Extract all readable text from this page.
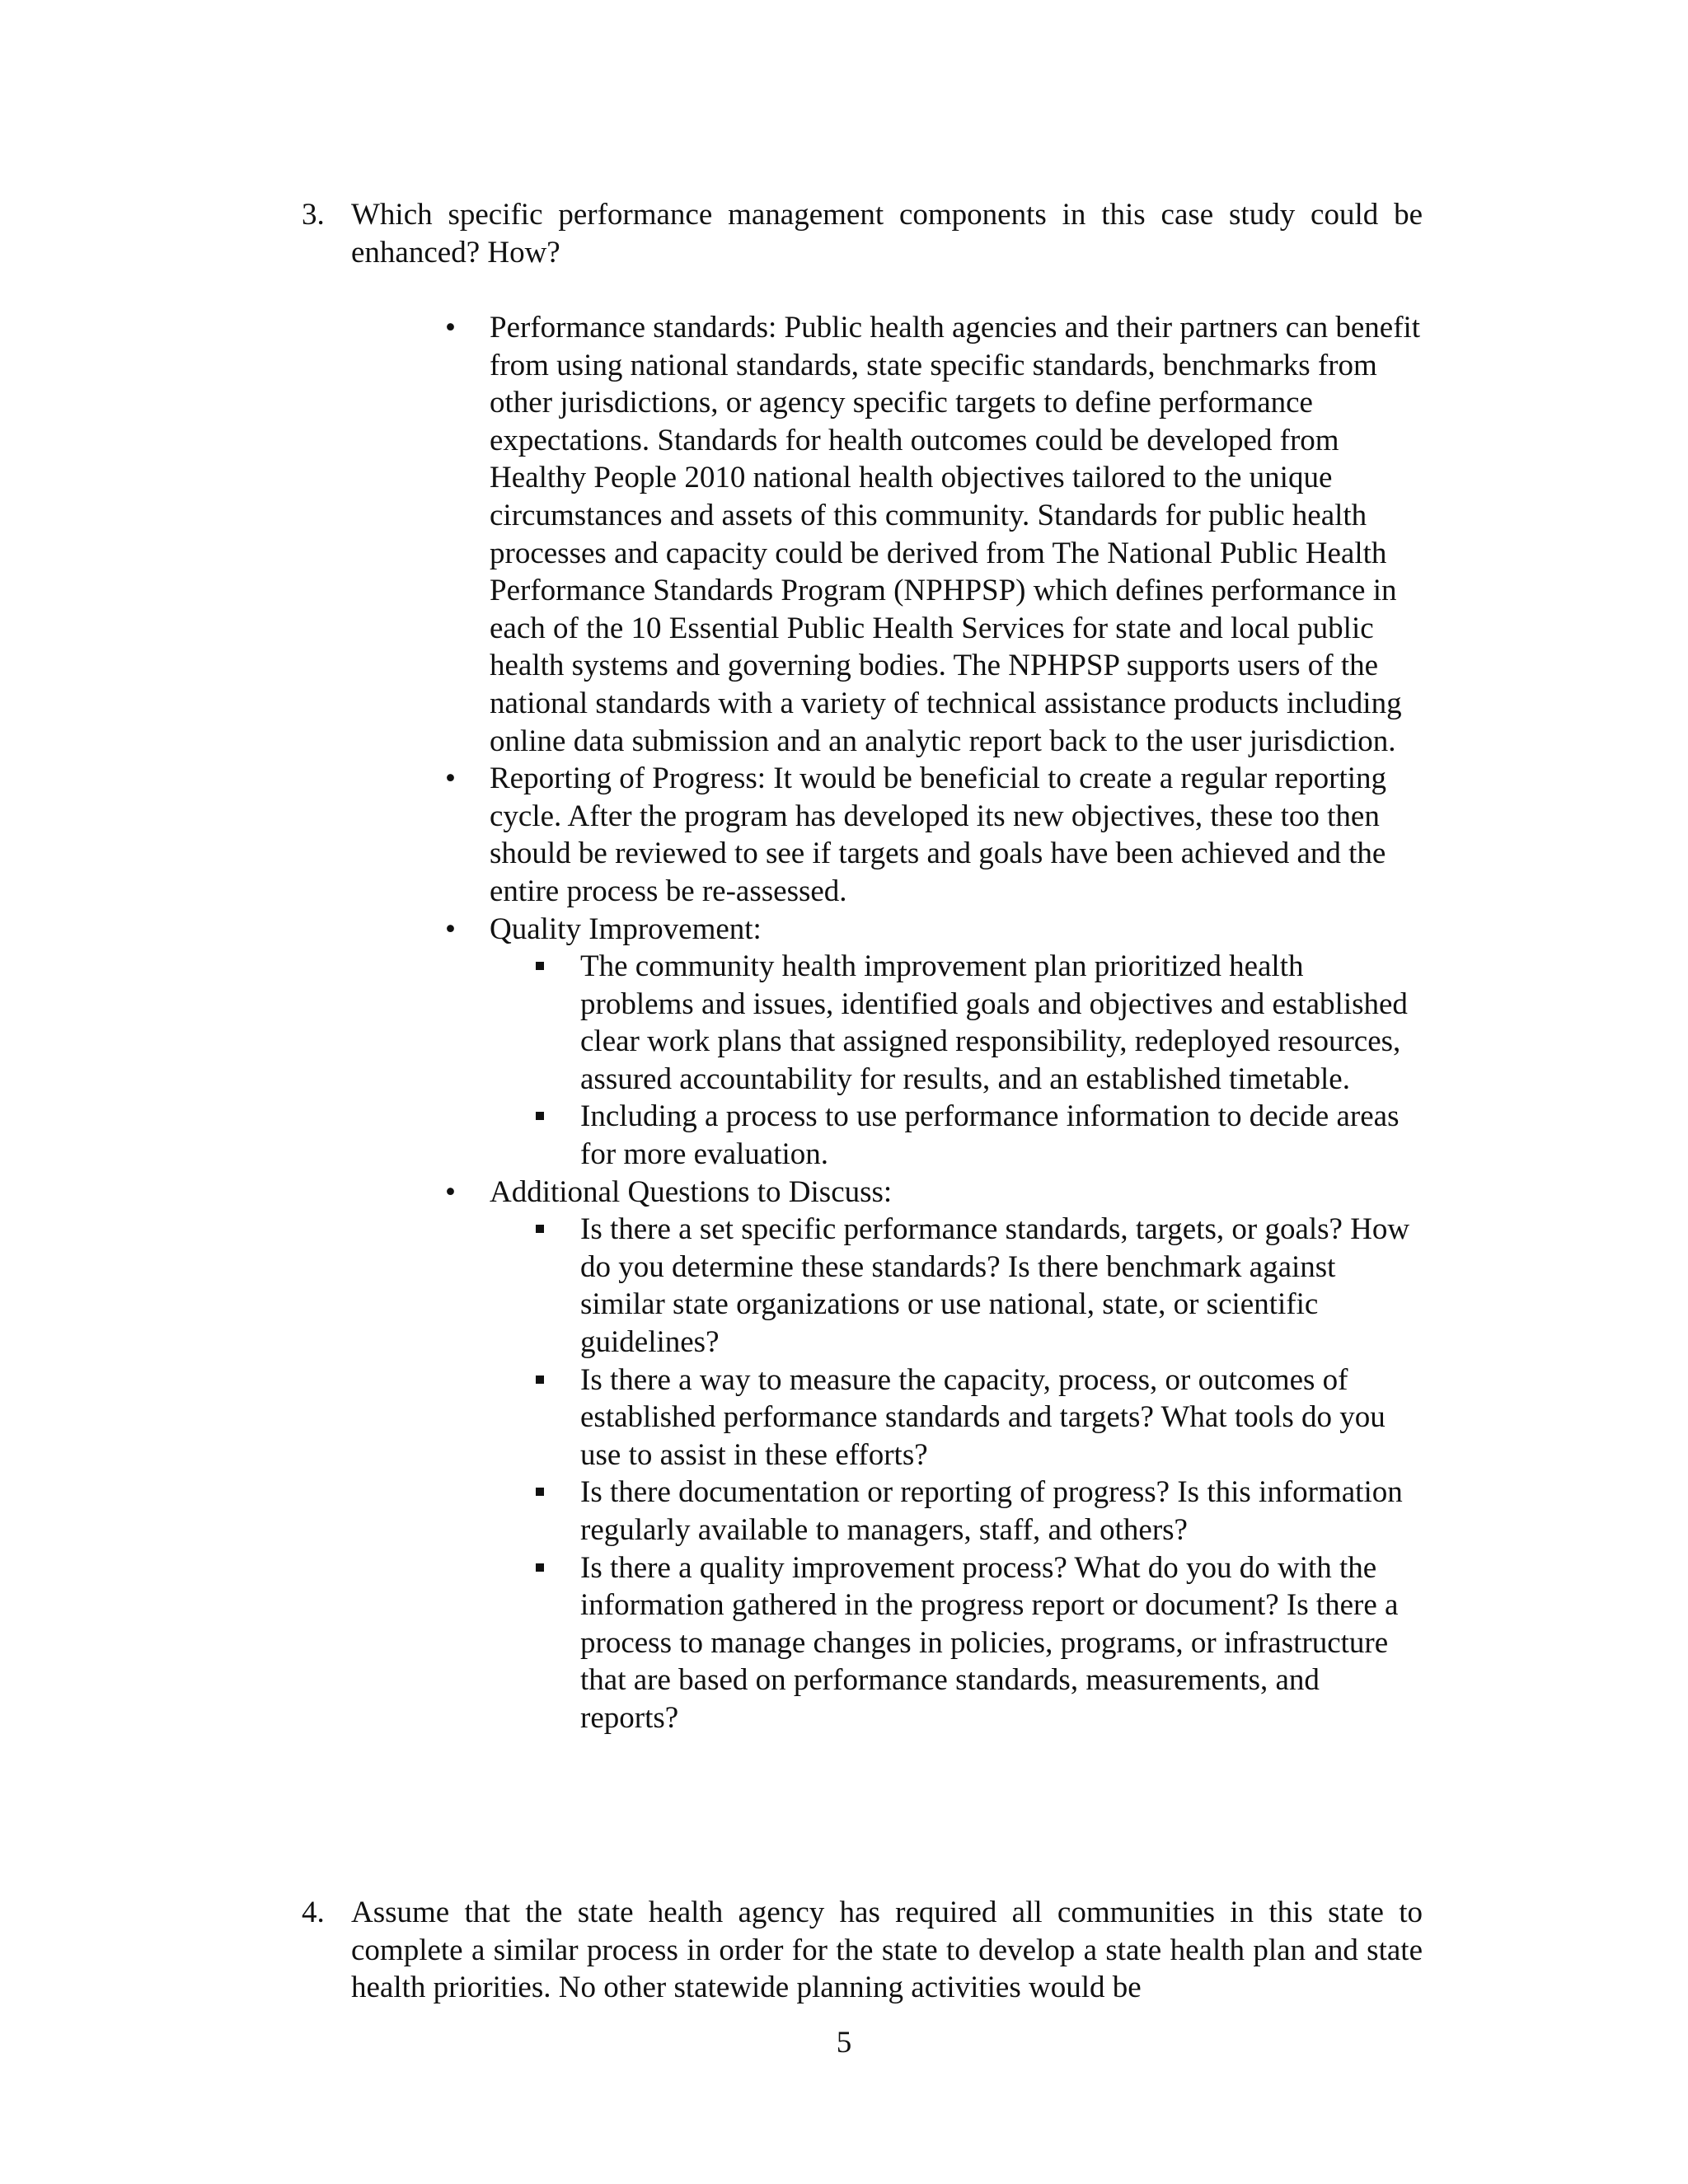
3. Which specific performance management components in this case study could be enhanced? How?
• Performance standards: Public health agencies and their partners can benefit from using national standards, state specific standards, benchmarks from other jurisdictions, or agency specific targets to define performance expectations. Standards for health outcomes could be developed from Healthy People 2010 national health objectives tailored to the unique circumstances and assets of this community. Standards for public health processes and capacity could be derived from The National Public Health Performance Standards Program (NPHPSP) which defines performance in each of the 10 Essential Public Health Services for state and local public health systems and governing bodies. The NPHPSP supports users of the national standards with a variety of technical assistance products including online data submission and an analytic report back to the user jurisdiction.
• Reporting of Progress: It would be beneficial to create a regular reporting cycle. After the program has developed its new objectives, these too then should be reviewed to see if targets and goals have been achieved and the entire process be re-assessed.
• Quality Improvement:
The community health improvement plan prioritized health problems and issues, identified goals and objectives and established clear work plans that assigned responsibility, redeployed resources, assured accountability for results, and an established timetable.
Including a process to use performance information to decide areas for more evaluation.
• Additional Questions to Discuss:
Is there a set specific performance standards, targets, or goals? How do you determine these standards? Is there benchmark against similar state organizations or use national, state, or scientific guidelines?
Is there a way to measure the capacity, process, or outcomes of established performance standards and targets? What tools do you use to assist in these efforts?
Is there documentation or reporting of progress? Is this information regularly available to managers, staff, and others?
Is there a quality improvement process? What do you do with the information gathered in the progress report or document? Is there a process to manage changes in policies, programs, or infrastructure that are based on performance standards, measurements, and reports?
4. Assume that the state health agency has required all communities in this state to complete a similar process in order for the state to develop a state health plan and state health priorities. No other statewide planning activities would be
5
